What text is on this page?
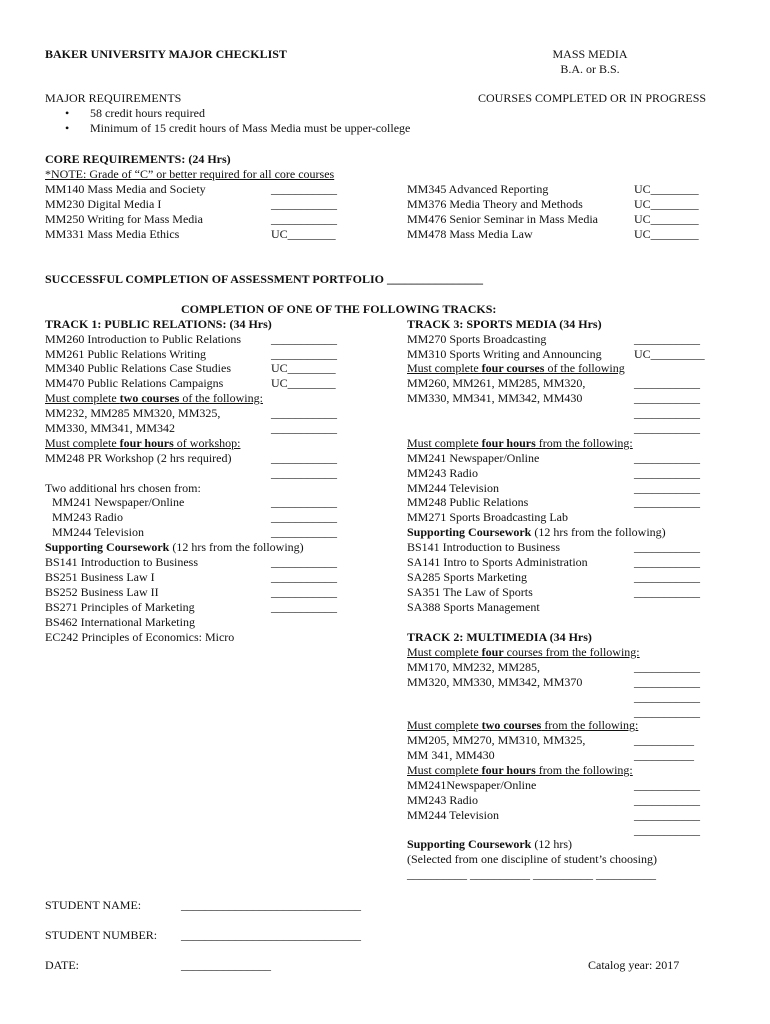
BAKER UNIVERSITY MAJOR CHECKLIST	MASS MEDIA
B.A. or B.S.
MAJOR REQUIREMENTS	COURSES COMPLETED OR IN PROGRESS
• 58 credit hours required
• Minimum of 15 credit hours of Mass Media must be upper-college
CORE REQUIREMENTS: (24 Hrs)
*NOTE: Grade of “C” or better required for all core courses
MM140 Mass Media and Society	___________
MM230 Digital Media I	___________
MM250 Writing for Mass Media	___________
MM331 Mass Media Ethics	UC________
MM345 Advanced Reporting	UC________
MM376 Media Theory and Methods	UC________
MM476 Senior Seminar in Mass Media	UC________
MM478 Mass Media Law	UC________
SUCCESSFUL COMPLETION OF ASSESSMENT PORTFOLIO ________________
COMPLETION OF ONE OF THE FOLLOWING TRACKS:
TRACK 1: PUBLIC RELATIONS: (34 Hrs)
MM260 Introduction to Public Relations	___________
MM261 Public Relations Writing	___________
MM340 Public Relations Case Studies	UC________
MM470 Public Relations Campaigns	UC________
Must complete two courses of the following:
MM232, MM285 MM320, MM325,	___________
MM330, MM341, MM342	___________
Must complete four hours of workshop:
MM248 PR Workshop (2 hrs required)	___________
___________
Two additional hrs chosen from:
MM241 Newspaper/Online	___________
MM243 Radio	___________
MM244 Television	___________
Supporting Coursework (12 hrs from the following)
BS141 Introduction to Business	___________
BS251 Business Law I	___________
BS252 Business Law II	___________
BS271 Principles of Marketing	___________
BS462 International Marketing
EC242 Principles of Economics: Micro
TRACK 3: SPORTS MEDIA (34 Hrs)
MM270 Sports Broadcasting	___________
MM310 Sports Writing and Announcing	UC_________
Must complete four courses of the following
MM260, MM261, MM285, MM320,	___________
MM330, MM341, MM342, MM430	___________
___________
___________
Must complete four hours from the following:
MM241 Newspaper/Online	___________
MM243 Radio	___________
MM244 Television	___________
MM248 Public Relations	___________
MM271 Sports Broadcasting Lab
Supporting Coursework (12 hrs from the following)
BS141 Introduction to Business	___________
SA141 Intro to Sports Administration	___________
SA285 Sports Marketing	___________
SA351 The Law of Sports	___________
SA388 Sports Management
TRACK 2: MULTIMEDIA (34 Hrs)
Must complete four courses from the following:
MM170, MM232, MM285,	___________
MM320, MM330, MM342, MM370	___________
___________
___________
Must complete two courses from the following:
MM205, MM270, MM310, MM325,	__________
MM 341, MM430	__________
Must complete four hours from the following:
MM241Newspaper/Online	___________
MM243 Radio	___________
MM244 Television	___________
___________
Supporting Coursework (12 hrs)
(Selected from one discipline of student’s choosing)
__________ __________ __________ __________
STUDENT NAME:	______________________________
STUDENT NUMBER: ______________________________
DATE:	_______________	Catalog year: 2017
